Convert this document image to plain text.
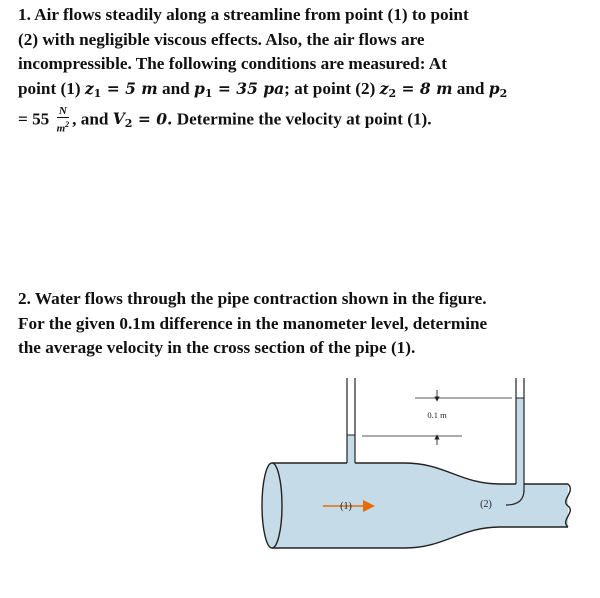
1. Air flows steadily along a streamline from point (1) to point
(2) with negligible viscous effects. Also, the air flows are
incompressible. The following conditions are measured: At
point (1) $z_1 = 5$ m and $p_1 = 35$ pa; at point (2) $z_2 = 8$ m and $p_2$
= $55 \frac{N}{m^2}$ , and $V_2 = 0$. Determine the velocity at point (1).
2. Water flows through the pipe contraction shown in the figure.
For the given 0.1m difference in the manometer level, determine
the average velocity in the cross section of the pipe (1).
0.1 m
(1)	(2)
